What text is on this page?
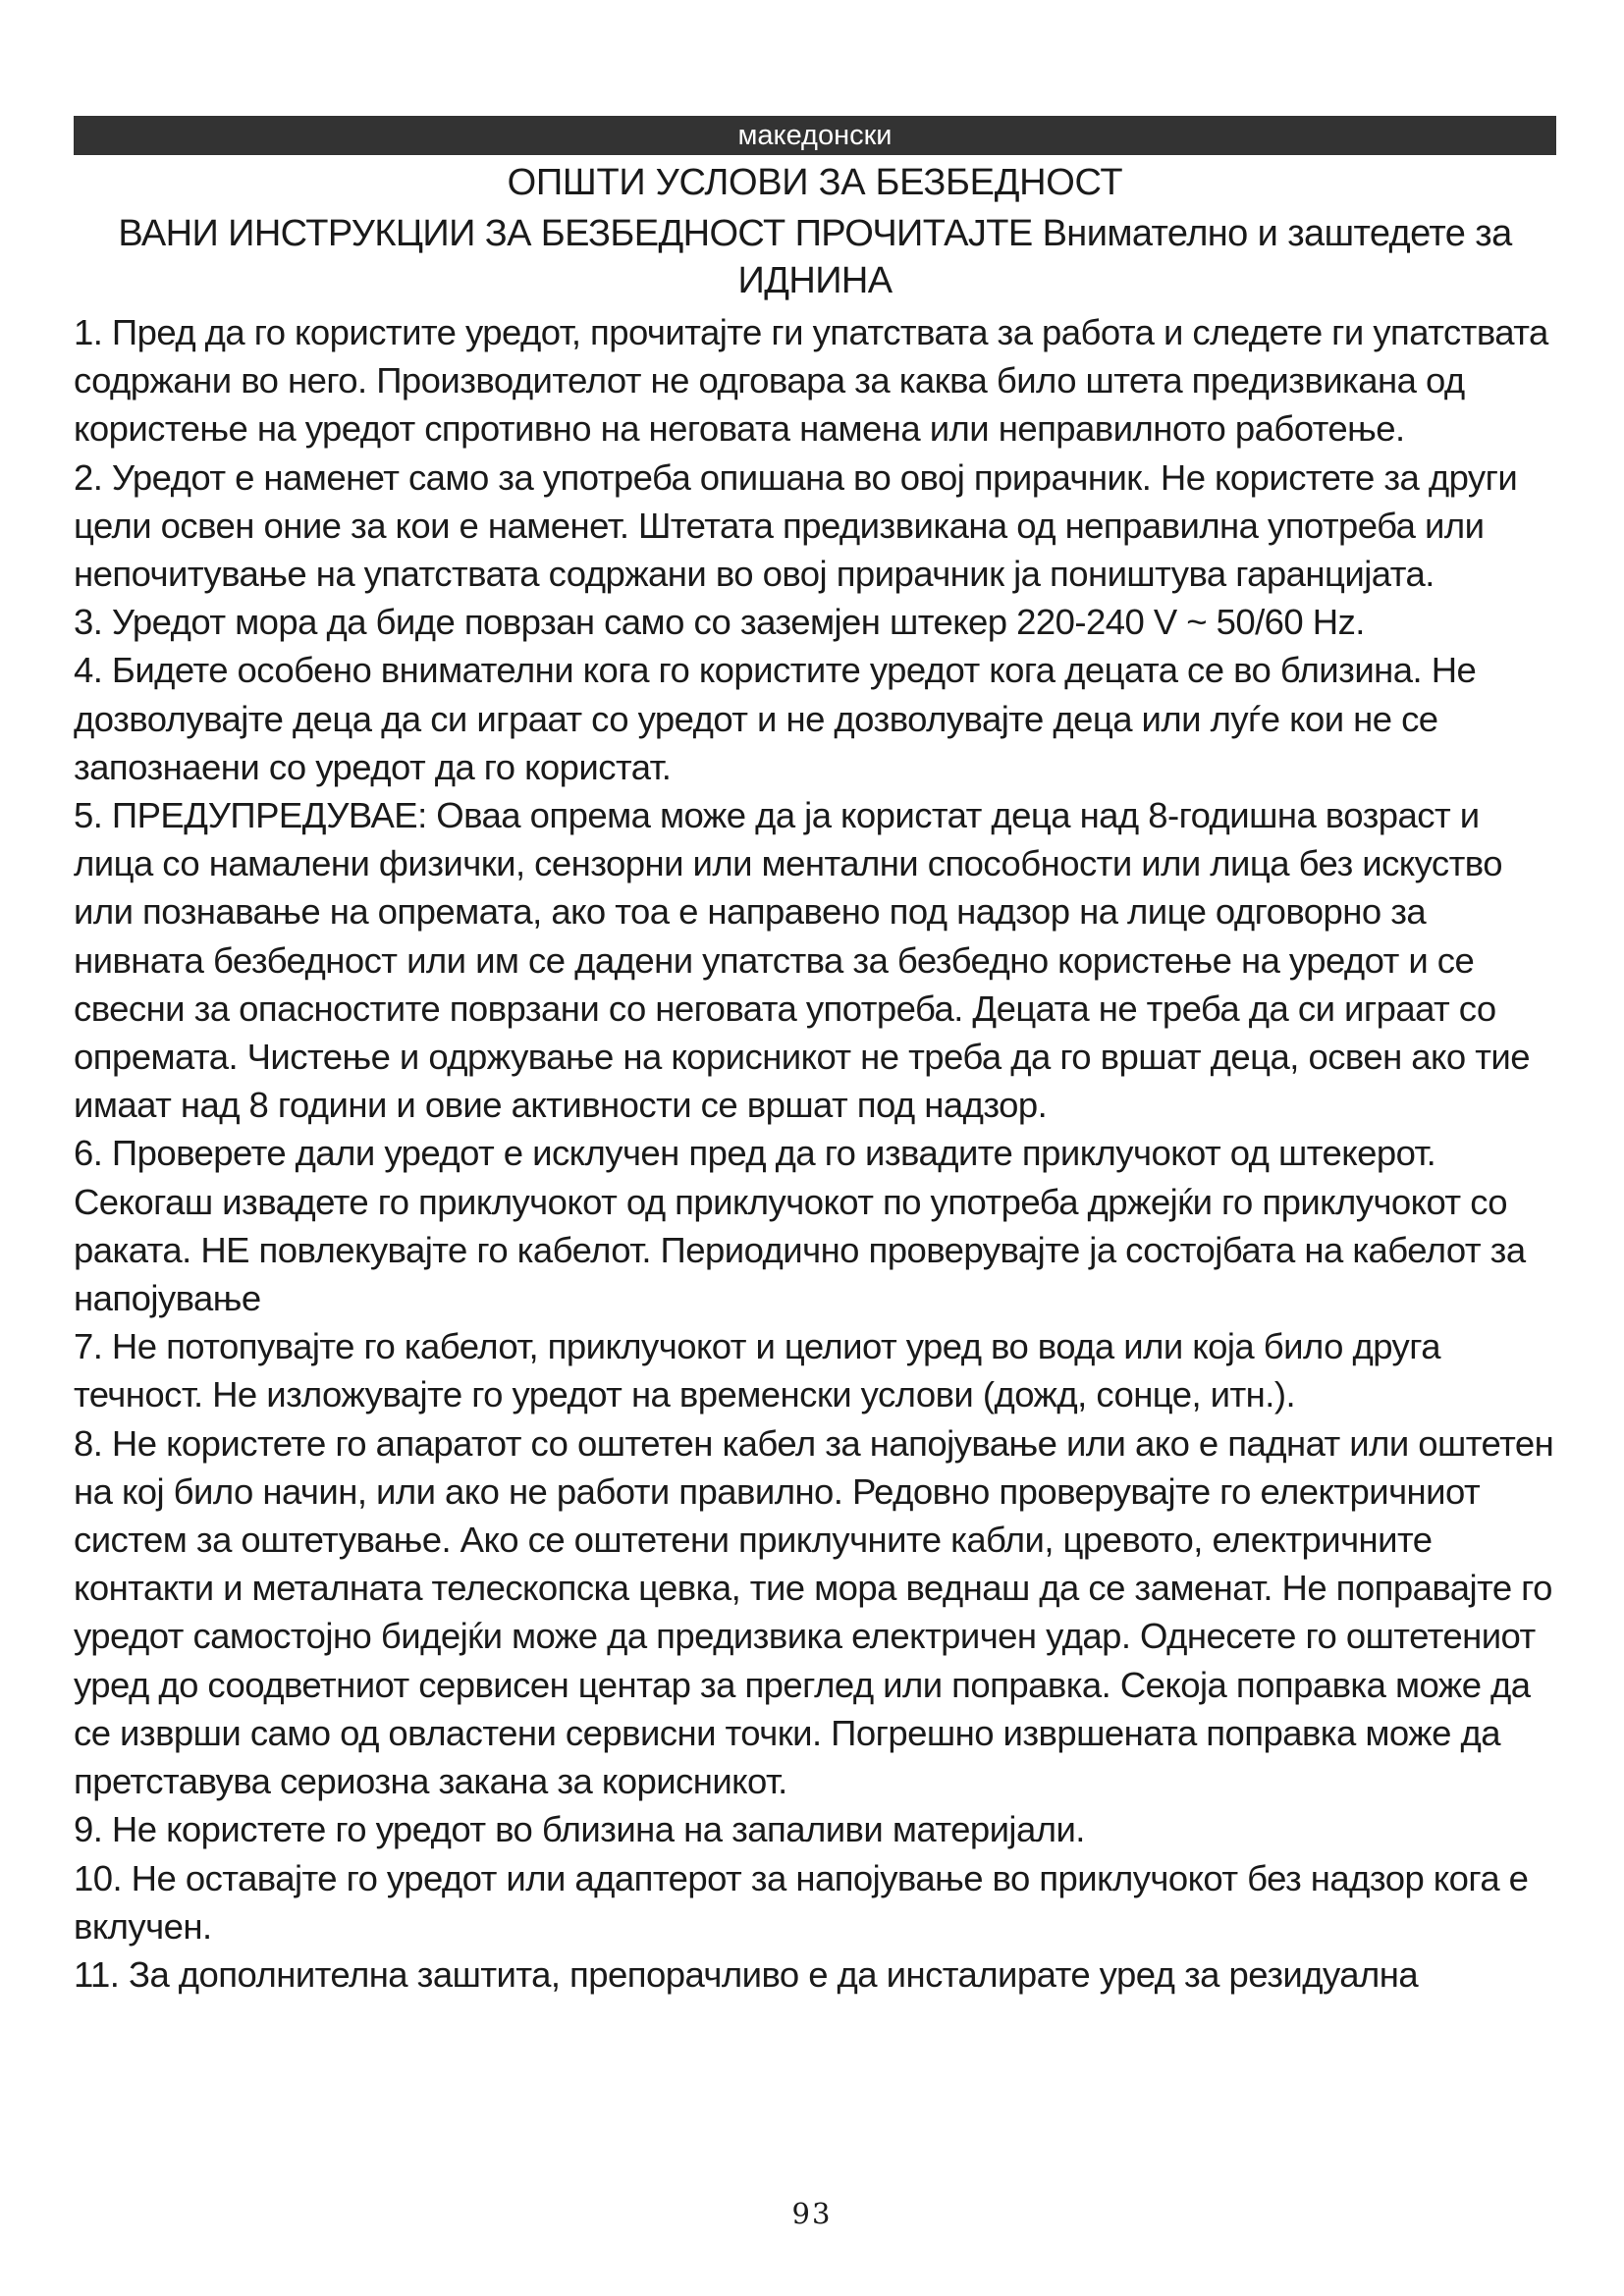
македонски
ОПШТИ УСЛОВИ ЗА БЕЗБЕДНОСТ

ВАНИ ИНСТРУКЦИИ ЗА БЕЗБЕДНОСТ ПРОЧИТАЈТЕ Внимателно и заштедете за ИДНИНА

1. Пред да го користите уредот, прочитајте ги упатствата за работа и следете ги упатствата содржани во него. Производителот не одговара за каква било штета предизвикана од користење на уредот спротивно на неговата намена или неправилното работење.

2. Уредот е наменет само за употреба опишана во овој прирачник. Не користете за други цели освен оние за кои е наменет. Штетата предизвикана од неправилна употреба или непочитување на упатствата содржани во овој прирачник ја поништува гаранцијата.

3. Уредот мора да биде поврзан само со заземјен штекер 220-240 V ~ 50/60 Hz.

4. Бидете особено внимателни кога го користите уредот кога децата се во близина. Не дозволувајте деца да си играат со уредот и не дозволувајте деца или луѓе кои не се запознаени со уредот да го користат.

5. ПРЕДУПРЕДУВАЕ: Оваа опрема може да ја користат деца над 8-годишна возраст и лица со намалени физички, сензорни или ментални способности или лица без искуство или познавање на опремата, ако тоа е направено под надзор на лице одговорно за нивната безбедност или им се дадени упатства за безбедно користење на уредот и се свесни за опасностите поврзани со неговата употреба. Децата не треба да си играат со опремата. Чистење и одржување на корисникот не треба да го вршат деца, освен ако тие имаат над 8 години и овие активности се вршат под надзор.

6. Проверете дали уредот е исклучен пред да го извадите приклучокот од штекерот. Секогаш извадете го приклучокот од приклучокот по употреба држејќи го приклучокот со раката. НЕ повлекувајте го кабелот. Периодично проверувајте ја состојбата на кабелот за напојување

7. Не потопувајте го кабелот, приклучокот и целиот уред во вода или која било друга течност. Не изложувајте го уредот на временски услови (дожд, сонце, итн.).

8. Не користете го апаратот со оштетен кабел за напојување или ако е паднат или оштетен на кој било начин, или ако не работи правилно. Редовно проверувајте го електричниот систем за оштетување. Ако се оштетени приклучните кабли, цревото, електричните контакти и металната телескопска цевка, тие мора веднаш да се заменат. Не поправајте го уредот самостојно бидејќи може да предизвика електричен удар. Однесете го оштетениот уред до соодветниот сервисен центар за преглед или поправка. Секоја поправка може да се изврши само од овластени сервисни точки. Погрешно извршената поправка може да претставува сериозна закана за корисникот.

9. Не користете го уредот во близина на запаливи материјали.

10. Не оставајте го уредот или адаптерот за напојување во приклучокот без надзор кога е вклучен.

11. За дополнителна заштита, препорачливо е да инсталирате уред за резидуална

93
